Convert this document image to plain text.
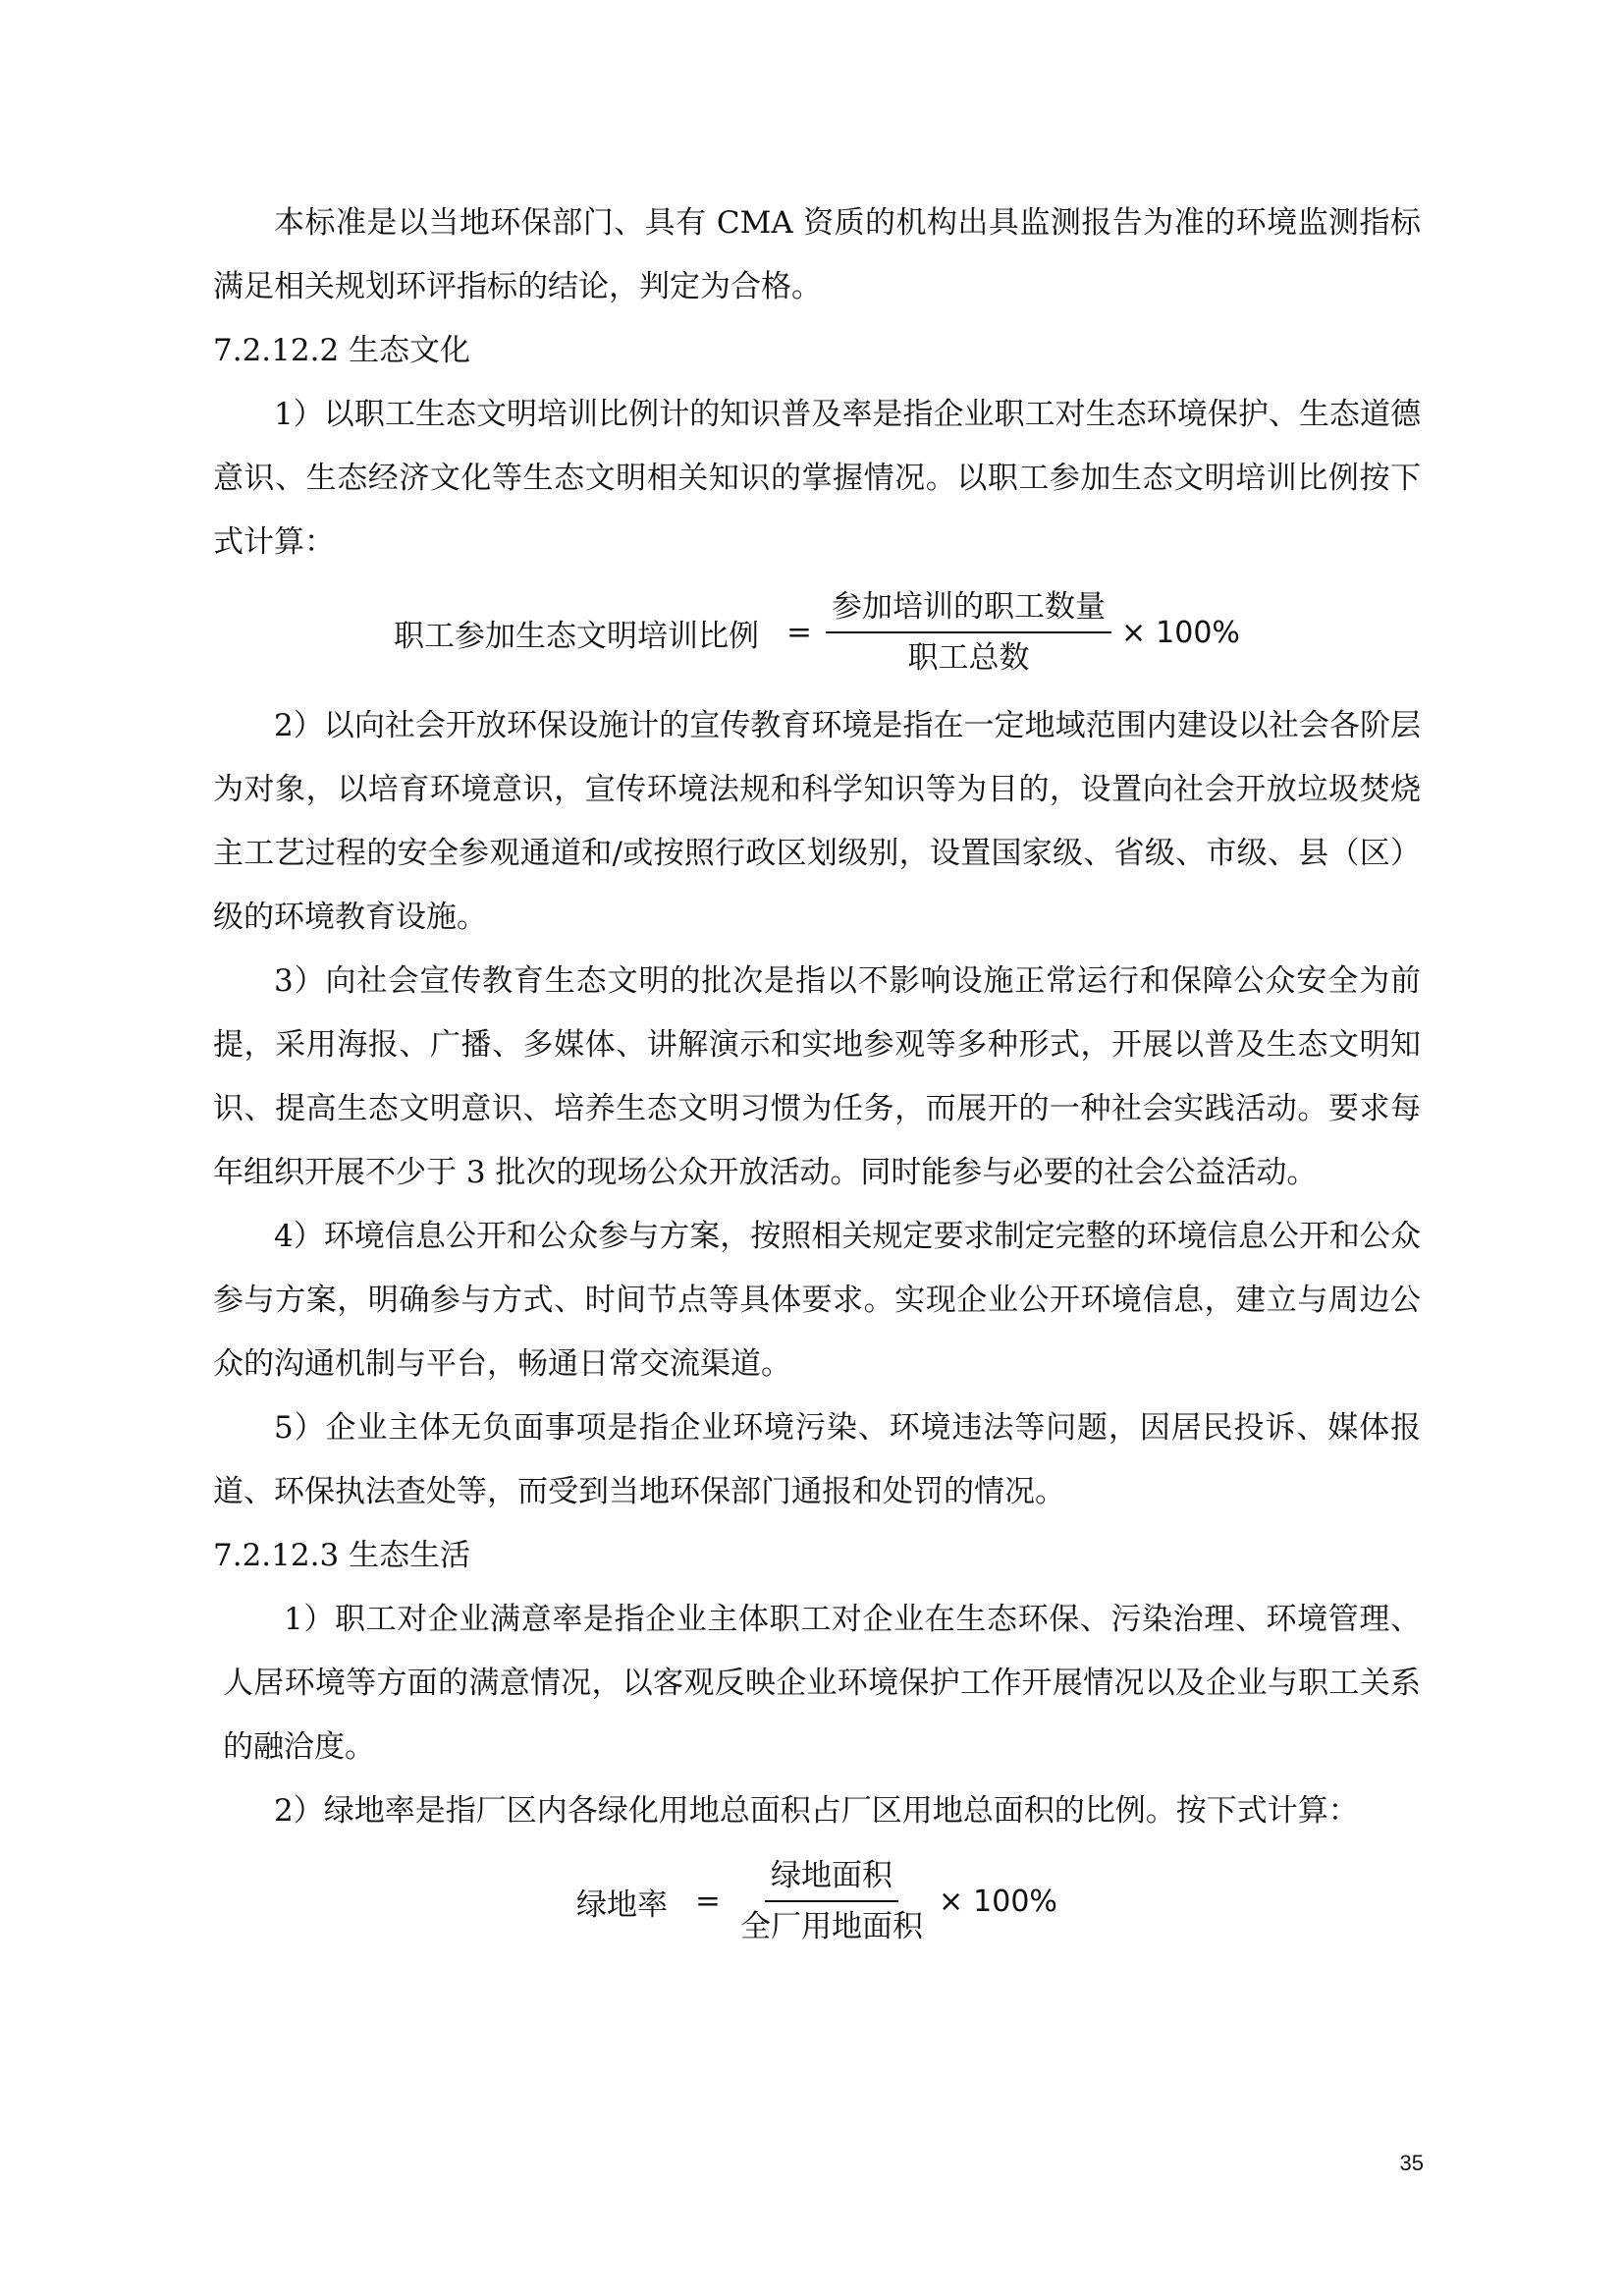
本标准是以当地环保部门、具有 CMA 资质的机构出具监测报告为准的环境监测指标满足相关规划环评指标的结论，判定为合格。

7.2.12.2 生态文化

1）以职工生态文明培训比例计的知识普及率是指企业职工对生态环境保护、生态道德意识、生态经济文化等生态文明相关知识的掌握情况。以职工参加生态文明培训比例按下式计算：

职工参加生态文明培训比例 = $\frac{\text{参加培训的职工数量}}{\text{职工总数}} \times 100\%$

2）以向社会开放环保设施计的宣传教育环境是指在一定地域范围内建设以社会各阶层为对象，以培育环境意识，宣传环境法规和科学知识等为目的，设置向社会开放垃圾焚烧主工艺过程的安全参观通道和/或按照行政区划级别，设置国家级、省级、市级、县（区）级的环境教育设施。

3）向社会宣传教育生态文明的批次是指以不影响设施正常运行和保障公众安全为前提，采用海报、广播、多媒体、讲解演示和实地参观等多种形式，开展以普及生态文明知识、提高生态文明意识、培养生态文明习惯为任务，而展开的一种社会实践活动。要求每年组织开展不少于 3 批次的现场公众开放活动。同时能参与必要的社会公益活动。

4）环境信息公开和公众参与方案，按照相关规定要求制定完整的环境信息公开和公众参与方案，明确参与方式、时间节点等具体要求。实现企业公开环境信息，建立与周边公众的沟通机制与平台，畅通日常交流渠道。

5）企业主体无负面事项是指企业环境污染、环境违法等问题，因居民投诉、媒体报道、环保执法查处等，而受到当地环保部门通报和处罚的情况。

7.2.12.3 生态生活

1）职工对企业满意率是指企业主体职工对企业在生态环保、污染治理、环境管理、人居环境等方面的满意情况，以客观反映企业环境保护工作开展情况以及企业与职工关系的融洽度。

2）绿地率是指厂区内各绿化用地总面积占厂区用地总面积的比例。按下式计算：

绿地率 = $\frac{\text{绿地面积}}{\text{全厂用地面积}} \times 100\%$
35
